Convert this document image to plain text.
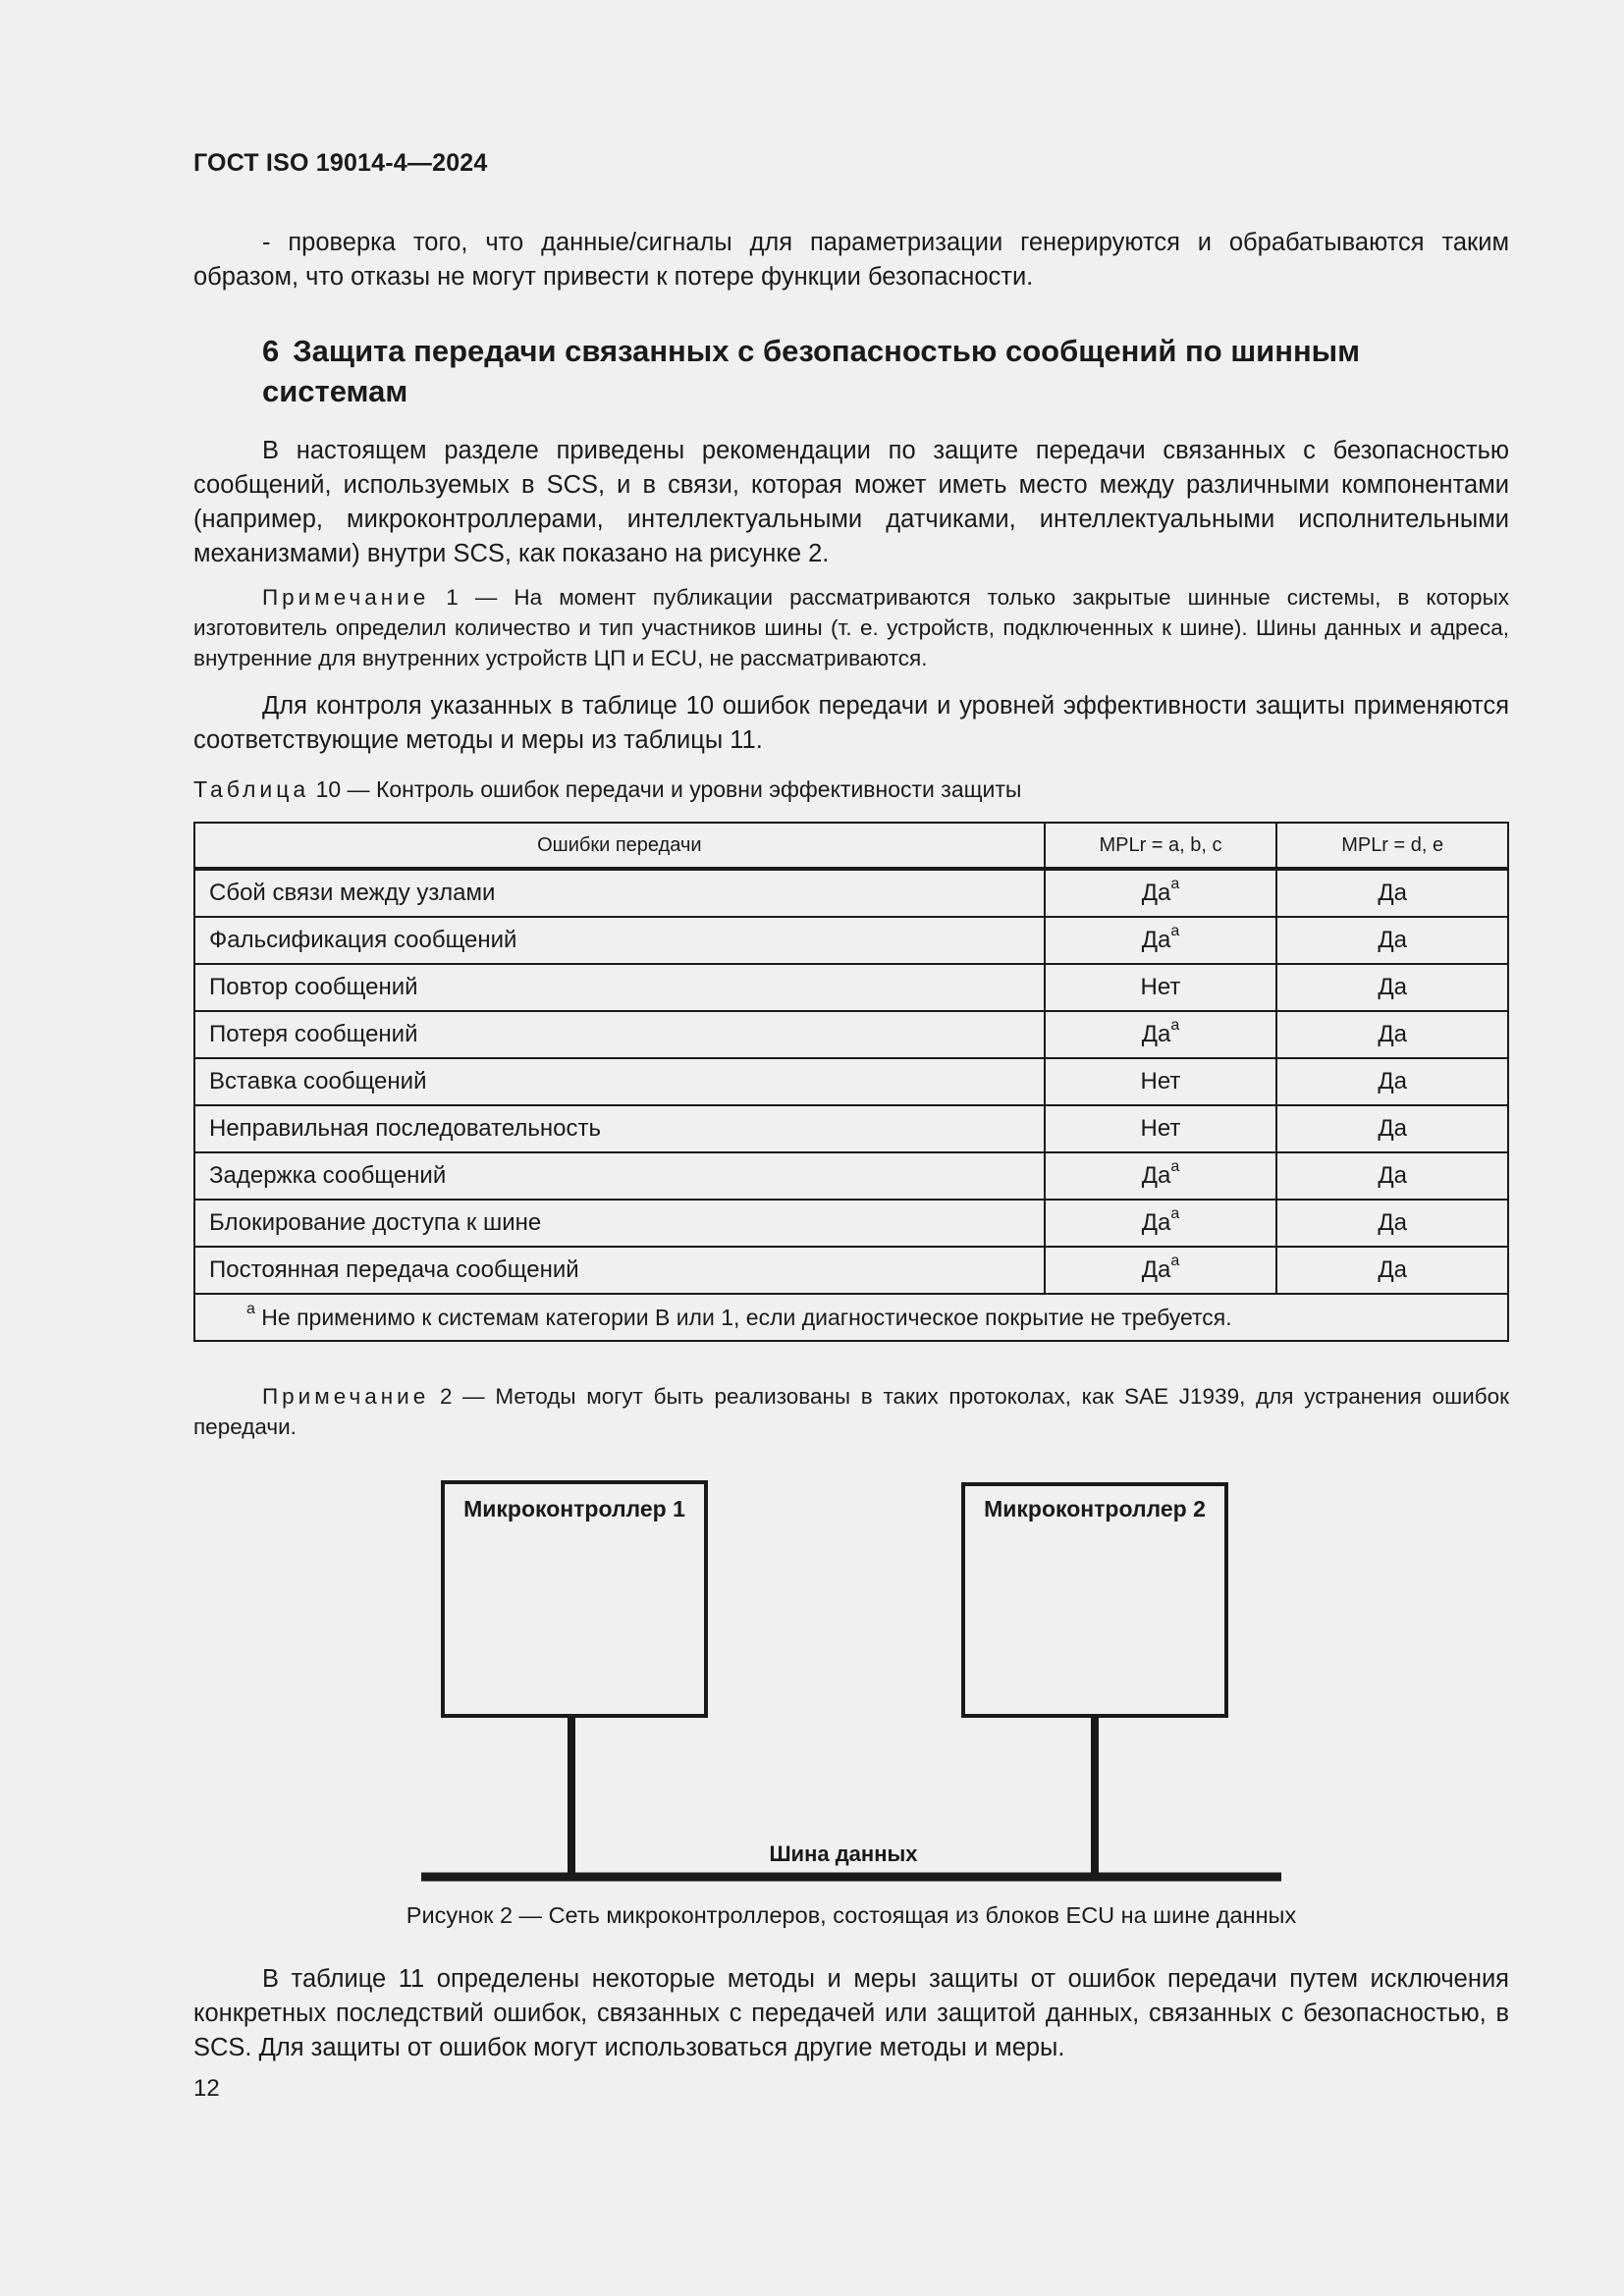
ГОСТ ISO 19014-4—2024

- проверка того, что данные/сигналы для параметризации генерируются и обрабатываются таким образом, что отказы не могут привести к потере функции безопасности.

6 Защита передачи связанных с безопасностью сообщений по шинным системам

В настоящем разделе приведены рекомендации по защите передачи связанных с безопасностью сообщений, используемых в SCS, и в связи, которая может иметь место между различными компонентами (например, микроконтроллерами, интеллектуальными датчиками, интеллектуальными исполнительными механизмами) внутри SCS, как показано на рисунке 2.

Примечание 1 — На момент публикации рассматриваются только закрытые шинные системы, в которых изготовитель определил количество и тип участников шины (т. е. устройств, подключенных к шине). Шины данных и адреса, внутренние для внутренних устройств ЦП и ECU, не рассматриваются.

Для контроля указанных в таблице 10 ошибок передачи и уровней эффективности защиты применяются соответствующие методы и меры из таблицы 11.

Таблица 10 — Контроль ошибок передачи и уровни эффективности защиты
Ошибки передачи	MPLr = a, b, c	MPLr = d, e
Сбой связи между узлами	$Да^a$	Да
Фальсификация сообщений	$Да^a$	Да
Повтор сообщений	Нет	Да
Потеря сообщений	$Да^a$	Да
Вставка сообщений	Нет	Да
Неправильная последовательность	Нет	Да
Задержка сообщений	$Да^a$	Да
Блокирование доступа к шине	$Да^a$	Да
Постоянная передача сообщений	$Да^a$	Да
$^a$ Не применимо к системам категории В или 1, если диагностическое покрытие не требуется.		

Примечание 2 — Методы могут быть реализованы в таких протоколах, как SAE J1939, для устранения ошибок передачи.

Микроконтроллер 1	Микроконтроллер 2
Шина данных
Рисунок 2 — Сеть микроконтроллеров, состоящая из блоков ECU на шине данных

В таблице 11 определены некоторые методы и меры защиты от ошибок передачи путем исключения конкретных последствий ошибок, связанных с передачей или защитой данных, связанных с безопасностью, в SCS. Для защиты от ошибок могут использоваться другие методы и меры.

12
